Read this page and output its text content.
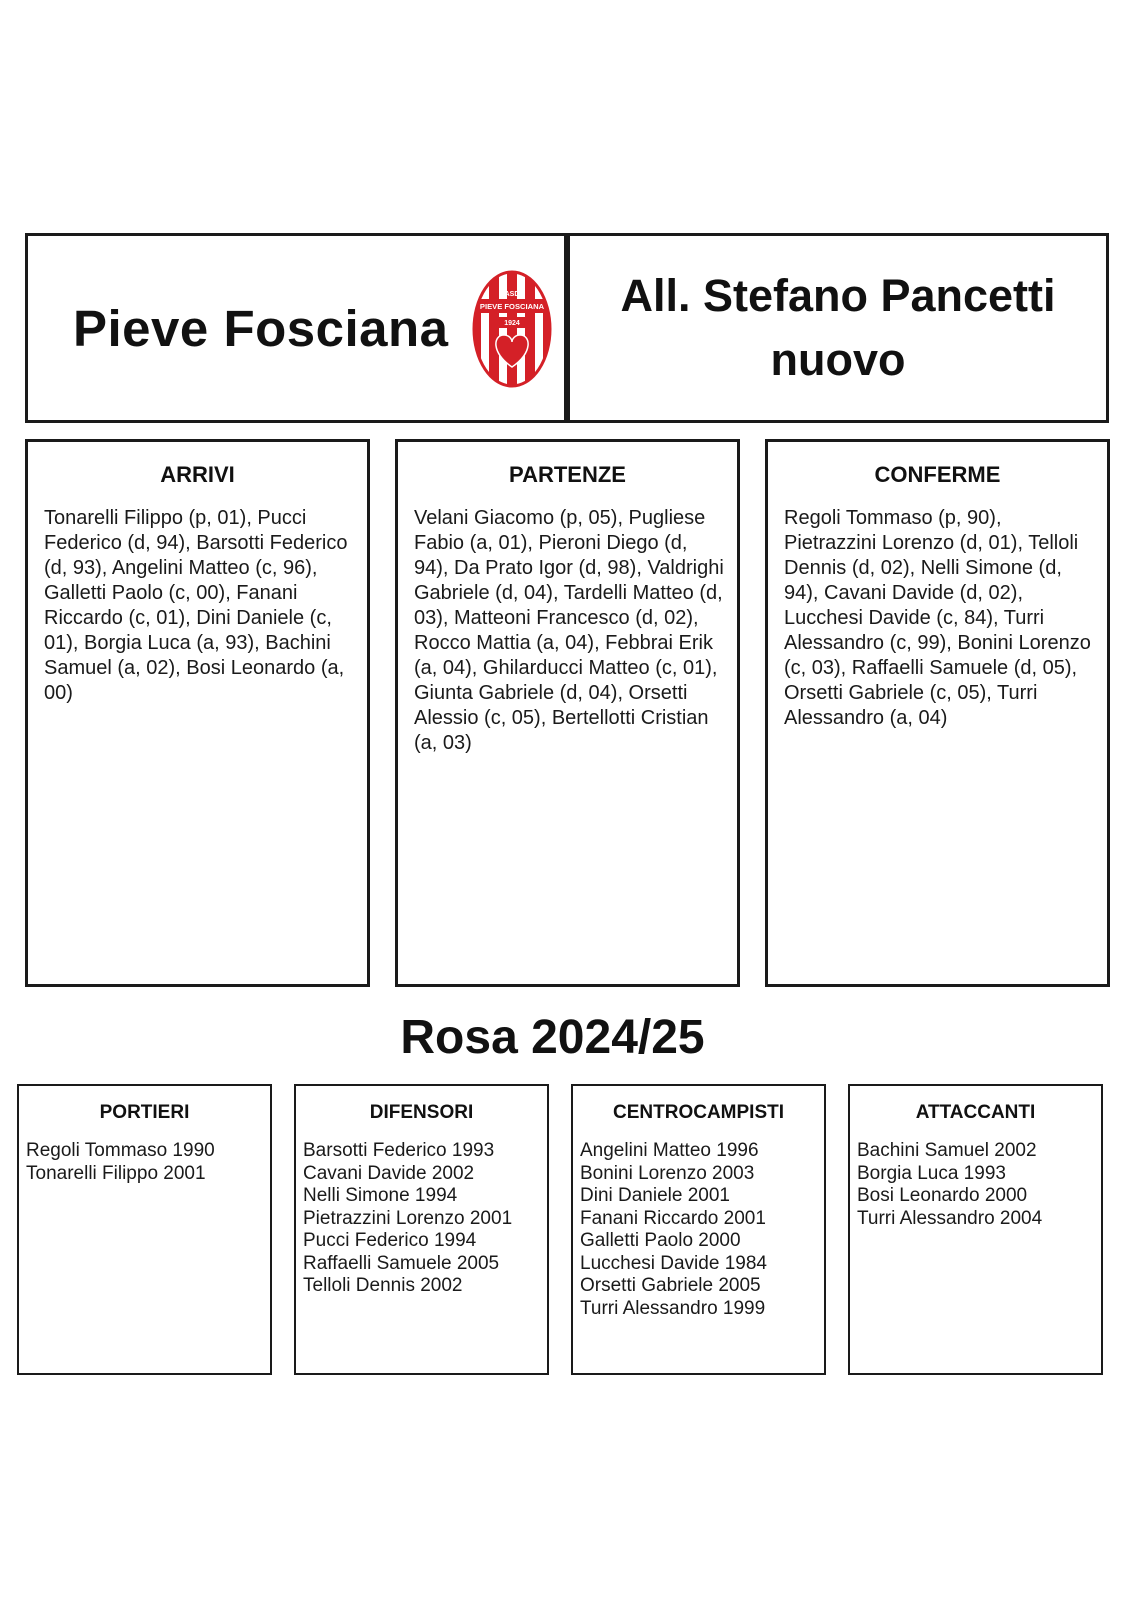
Pieve Fosciana
ASD
PIEVE FOSCIANA
1924
All. Stefano Pancetti
nuovo
ARRIVI
Tonarelli Filippo (p, 01), Pucci Federico (d, 94), Barsotti Federico (d, 93), Angelini Matteo (c, 96), Galletti Paolo (c, 00), Fanani Riccardo (c, 01), Dini Daniele (c, 01), Borgia Luca (a, 93), Bachini Samuel (a, 02), Bosi Leonardo (a, 00)
PARTENZE
Velani Giacomo (p, 05), Pugliese Fabio (a, 01), Pieroni Diego (d, 94), Da Prato Igor (d, 98), Valdrighi Gabriele (d, 04), Tardelli Matteo (d, 03), Matteoni Francesco (d, 02), Rocco Mattia (a, 04), Febbrai Erik (a, 04), Ghilarducci Matteo (c, 01), Giunta Gabriele (d, 04), Orsetti Alessio (c, 05), Bertellotti Cristian (a, 03)
CONFERME
Regoli Tommaso (p, 90), Pietrazzini Lorenzo (d, 01), Telloli Dennis (d, 02), Nelli Simone (d, 94), Cavani Davide (d, 02), Lucchesi Davide (c, 84), Turri Alessandro (c, 99), Bonini Lorenzo (c, 03), Raffaelli Samuele (d, 05), Orsetti Gabriele (c, 05), Turri Alessandro (a, 04)
Rosa 2024/25
PORTIERI
Regoli Tommaso 1990
Tonarelli Filippo 2001
DIFENSORI
Barsotti Federico 1993
Cavani Davide 2002
Nelli Simone 1994
Pietrazzini Lorenzo 2001
Pucci Federico 1994
Raffaelli Samuele 2005
Telloli Dennis 2002
CENTROCAMPISTI
Angelini Matteo 1996
Bonini Lorenzo 2003
Dini Daniele 2001
Fanani Riccardo 2001
Galletti Paolo 2000
Lucchesi Davide 1984
Orsetti Gabriele 2005
Turri Alessandro 1999
ATTACCANTI
Bachini Samuel 2002
Borgia Luca 1993
Bosi Leonardo 2000
Turri Alessandro 2004
